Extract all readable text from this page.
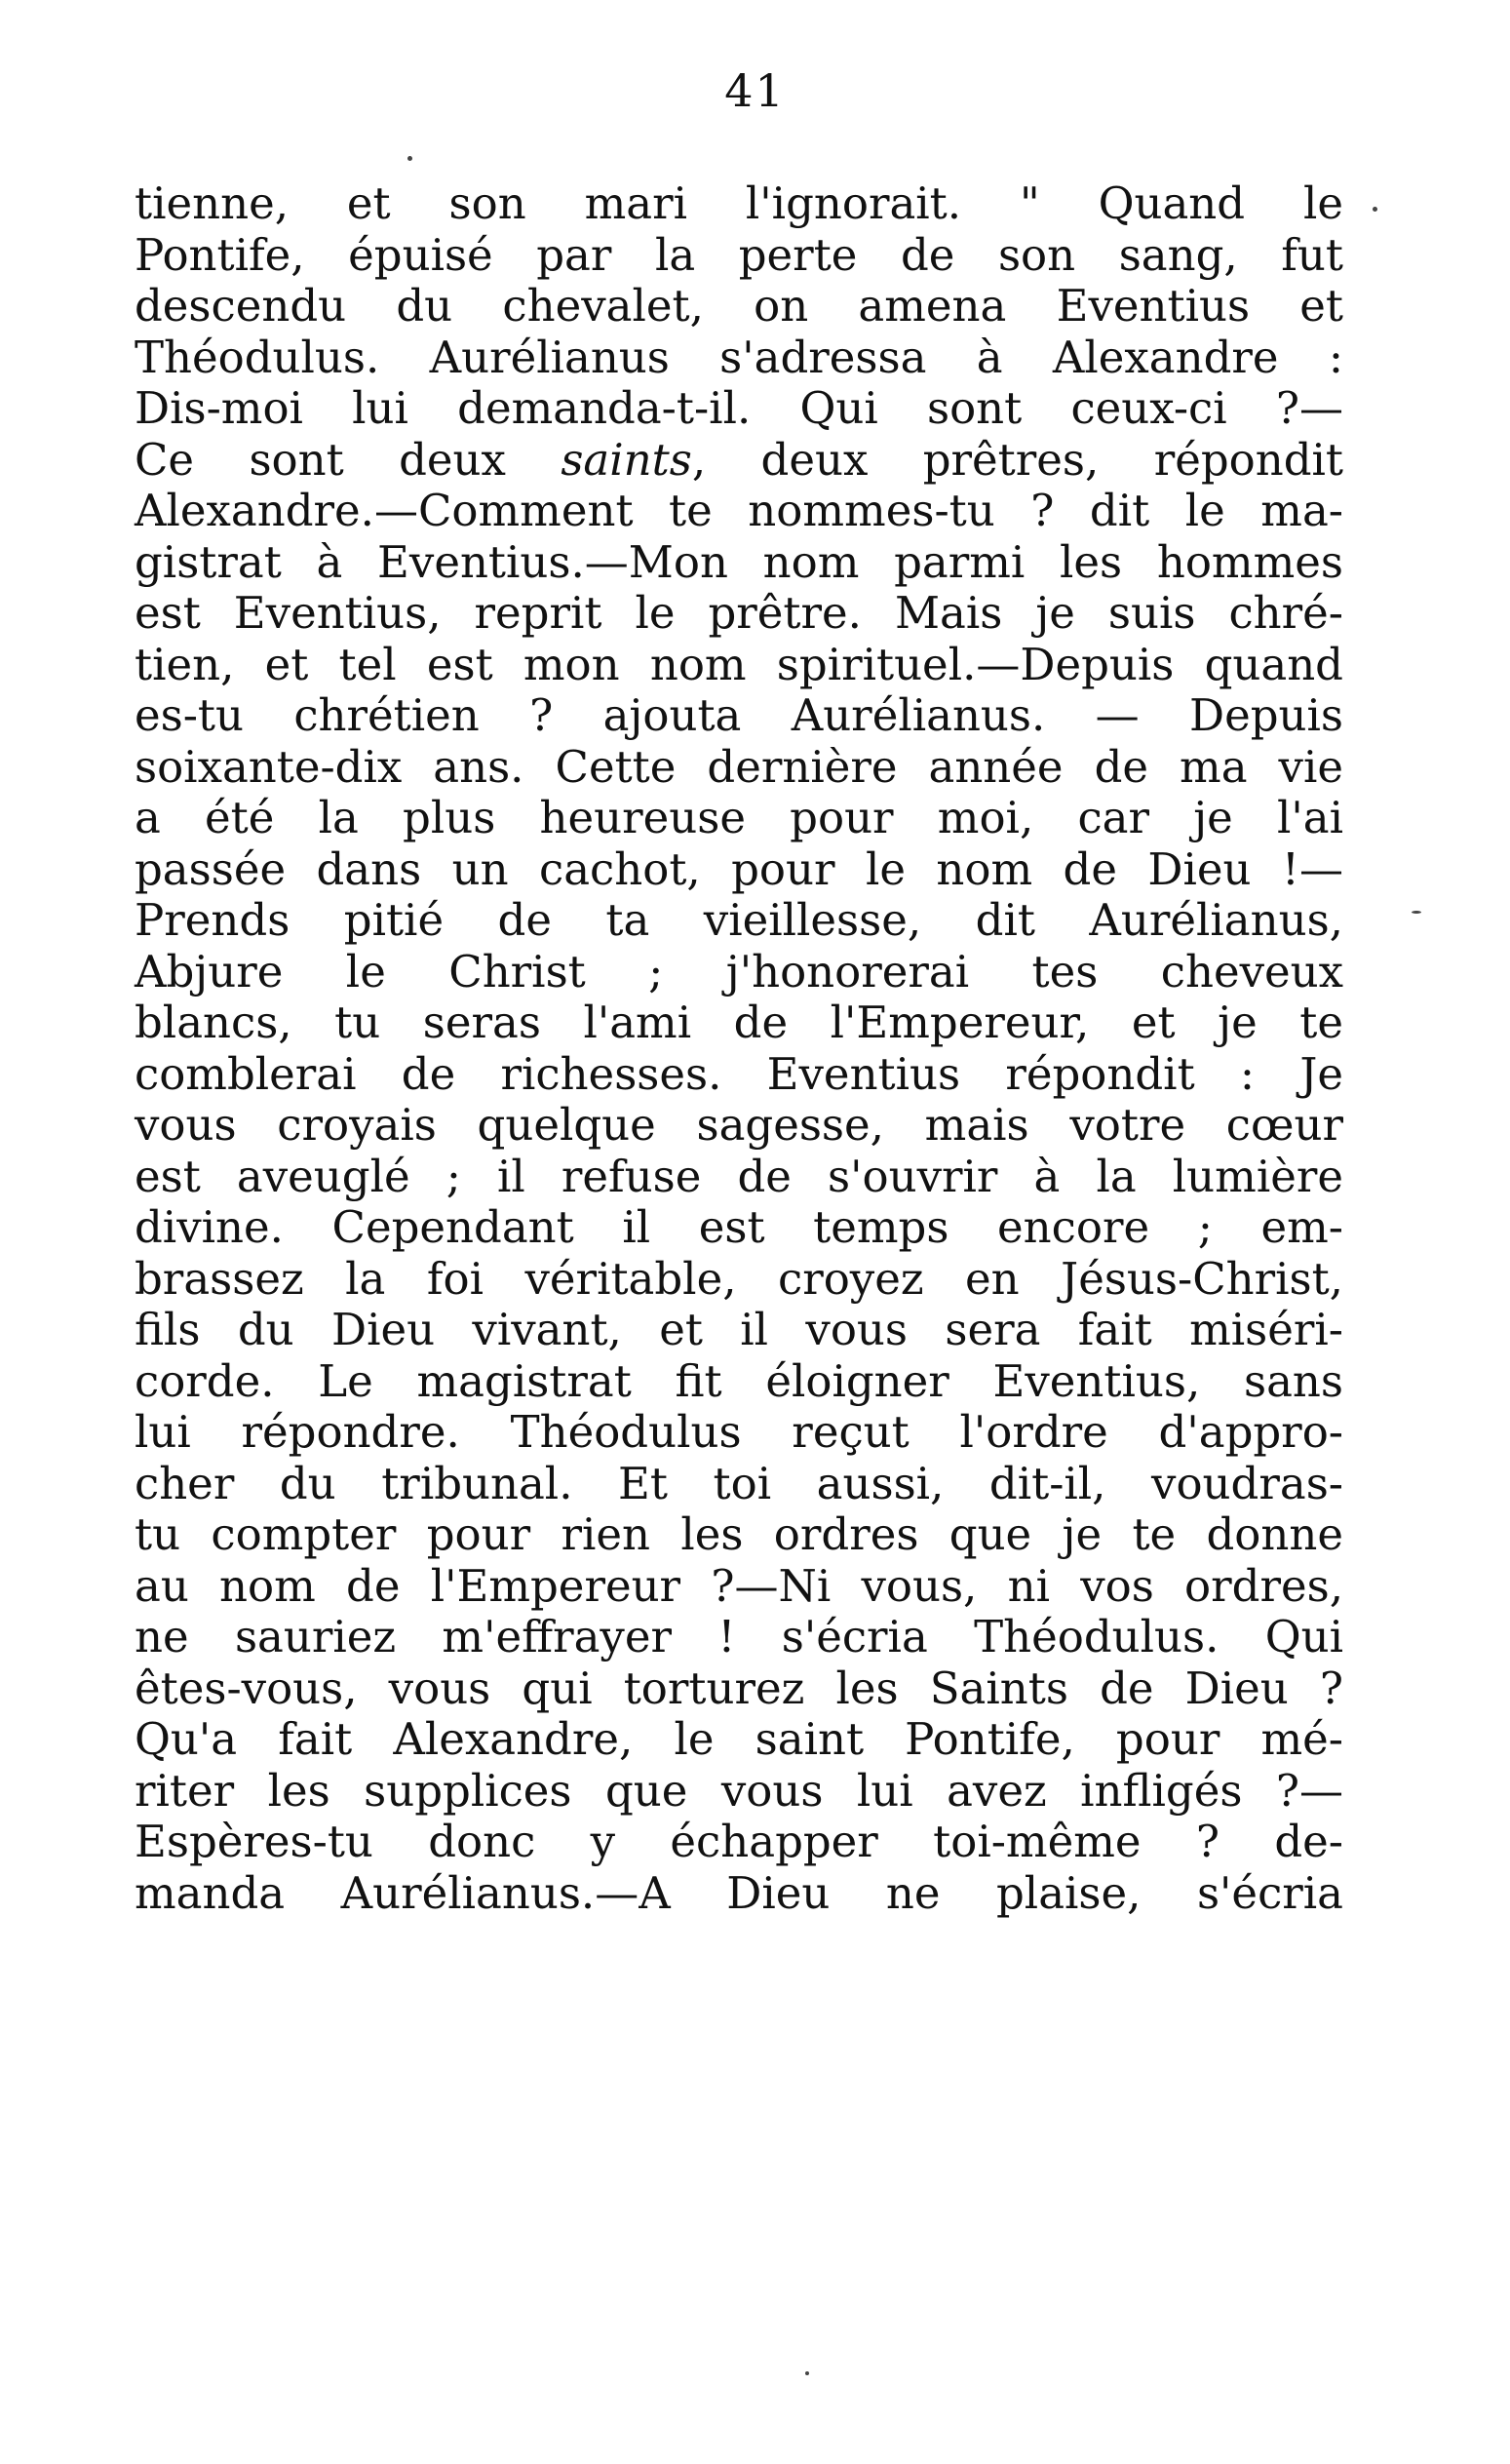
41
tienne, et son mari l'ignorait. " Quand le
Pontife, épuisé par la perte de son sang, fut
descendu du chevalet, on amena Eventius et
Théodulus. Aurélianus s'adressa à Alexandre :
Dis-moi lui demanda-t-il. Qui sont ceux-ci ?—
Ce sont deux saints, deux prêtres, répondit
Alexandre.—Comment te nommes-tu ? dit le ma-
gistrat à Eventius.—Mon nom parmi les hommes
est Eventius, reprit le prêtre. Mais je suis chré-
tien, et tel est mon nom spirituel.—Depuis quand
es-tu chrétien ? ajouta Aurélianus. — Depuis
soixante-dix ans. Cette dernière année de ma vie
a été la plus heureuse pour moi, car je l'ai
passée dans un cachot, pour le nom de Dieu !—
Prends pitié de ta vieillesse, dit Aurélianus,
Abjure le Christ ; j'honorerai tes cheveux
blancs, tu seras l'ami de l'Empereur, et je te
comblerai de richesses. Eventius répondit : Je
vous croyais quelque sagesse, mais votre cœur
est aveuglé ; il refuse de s'ouvrir à la lumière
divine. Cependant il est temps encore ; em-
brassez la foi véritable, croyez en Jésus-Christ,
fils du Dieu vivant, et il vous sera fait miséri-
corde. Le magistrat fit éloigner Eventius, sans
lui répondre. Théodulus reçut l'ordre d'appro-
cher du tribunal. Et toi aussi, dit-il, voudras-
tu compter pour rien les ordres que je te donne
au nom de l'Empereur ?—Ni vous, ni vos ordres,
ne sauriez m'effrayer ! s'écria Théodulus. Qui
êtes-vous, vous qui torturez les Saints de Dieu ?
Qu'a fait Alexandre, le saint Pontife, pour mé-
riter les supplices que vous lui avez infligés ?—
Espères-tu donc y échapper toi-même ? de-
manda Aurélianus.—A Dieu ne plaise, s'écria
